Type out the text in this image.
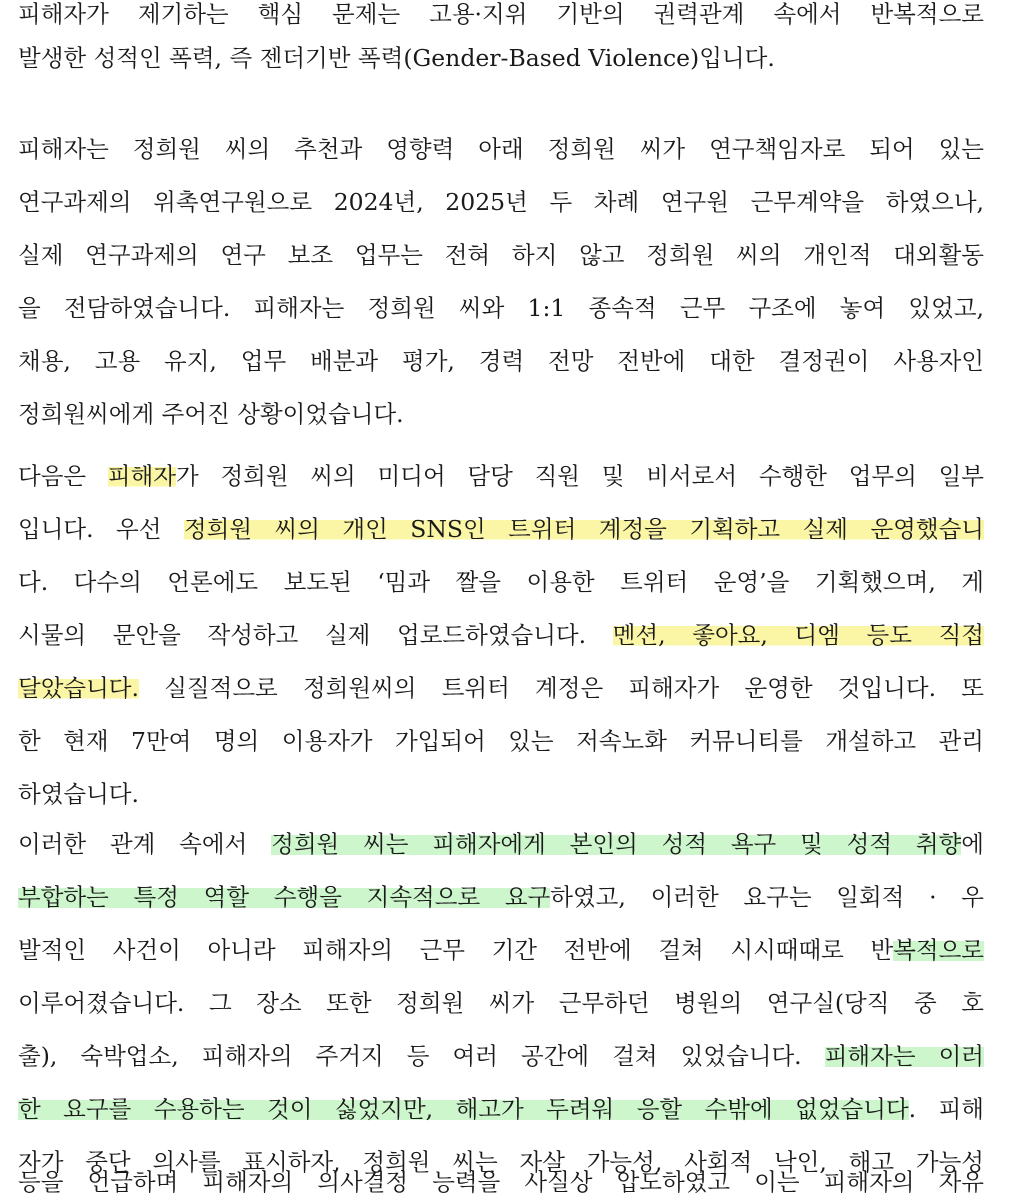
피해자가 제기하는 핵심 문제는 고용·지위 기반의 권력관계 속에서 반복적으로
발생한 성적인 폭력, 즉 젠더기반 폭력(Gender-Based Violence)입니다.
피해자는 정희원 씨의 추천과 영향력 아래 정희원 씨가 연구책임자로 되어 있는
연구과제의 위촉연구원으로 2024년, 2025년 두 차례 연구원 근무계약을 하였으나,
실제 연구과제의 연구 보조 업무는 전혀 하지 않고 정희원 씨의 개인적 대외활동
을 전담하였습니다. 피해자는 정희원 씨와 1:1 종속적 근무 구조에 놓여 있었고,
채용, 고용 유지, 업무 배분과 평가, 경력 전망 전반에 대한 결정권이 사용자인
정희원씨에게 주어진 상황이었습니다.
다음은 피해자가 정희원 씨의 미디어 담당 직원 및 비서로서 수행한 업무의 일부
입니다. 우선 정희원 씨의 개인 SNS인 트위터 계정을 기획하고 실제 운영했습니
다. 다수의 언론에도 보도된 ‘밈과 짤을 이용한 트위터 운영’을 기획했으며, 게
시물의 문안을 작성하고 실제 업로드하였습니다. 멘션, 좋아요, 디엠 등도 직접
달았습니다. 실질적으로 정희원씨의 트위터 계정은 피해자가 운영한 것입니다. 또
한 현재 7만여 명의 이용자가 가입되어 있는 저속노화 커뮤니티를 개설하고 관리
하였습니다.
이러한 관계 속에서 정희원 씨는 피해자에게 본인의 성적 욕구 및 성적 취향에
부합하는 특정 역할 수행을 지속적으로 요구하였고, 이러한 요구는 일회적 · 우
발적인 사건이 아니라 피해자의 근무 기간 전반에 걸쳐 시시때때로 반복적으로
이루어졌습니다. 그 장소 또한 정희원 씨가 근무하던 병원의 연구실(당직 중 호
출), 숙박업소, 피해자의 주거지 등 여러 공간에 걸쳐 있었습니다. 피해자는 이러
한 요구를 수용하는 것이 싫었지만, 해고가 두려워 응할 수밖에 없었습니다. 피해
자가 중단 의사를 표시하자, 정희원 씨는 자살 가능성, 사회적 낙인, 해고 가능성
등을 언급하며 피해자의 의사결정 능력을 사실상 압도하였고 이는 피해자의 자유
